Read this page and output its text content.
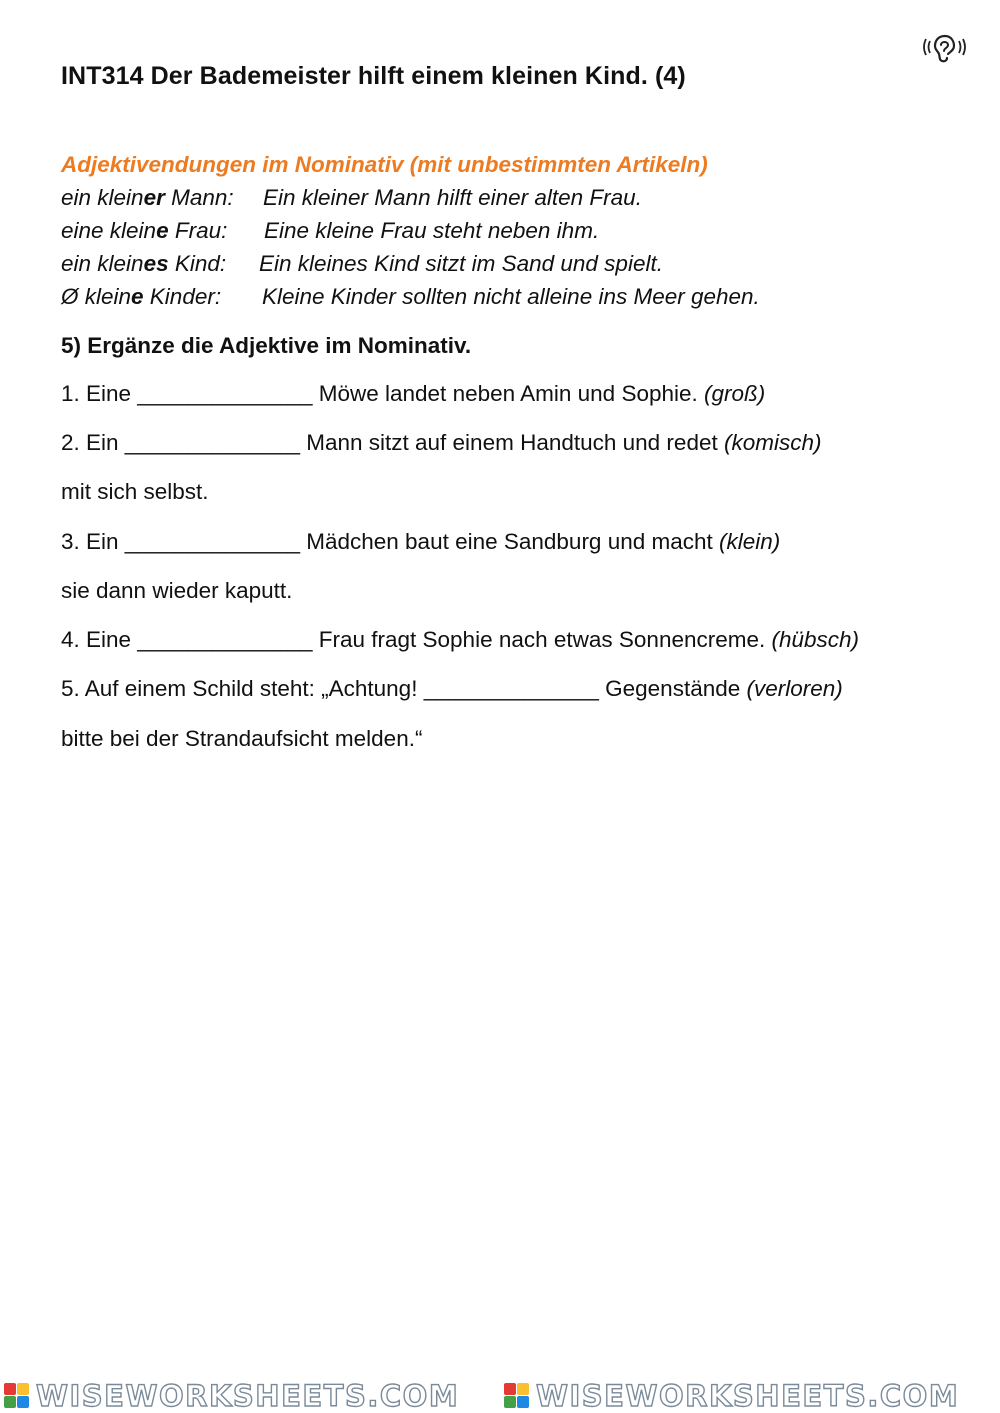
INT314 Der Bademeister hilft einem kleinen Kind. (4)
Adjektivendungen im Nominativ (mit unbestimmten Artikeln)
ein kleiner Mann: Ein kleiner Mann hilft einer alten Frau.
eine kleine Frau: Eine kleine Frau steht neben ihm.
ein kleines Kind: Ein kleines Kind sitzt im Sand und spielt.
Ø kleine Kinder: Kleine Kinder sollten nicht alleine ins Meer gehen.
5) Ergänze die Adjektive im Nominativ.
1. Eine ______________ Möwe landet neben Amin und Sophie. (groß)
2. Ein ______________ Mann sitzt auf einem Handtuch und redet (komisch)
mit sich selbst.
3. Ein ______________ Mädchen baut eine Sandburg und macht (klein)
sie dann wieder kaputt.
4. Eine ______________ Frau fragt Sophie nach etwas Sonnencreme. (hübsch)
5. Auf einem Schild steht: „Achtung! ______________ Gegenstände (verloren)
bitte bei der Strandaufsicht melden.“
WISEWORKSHEETS.COM	WISEWORKSHEETS.COM
